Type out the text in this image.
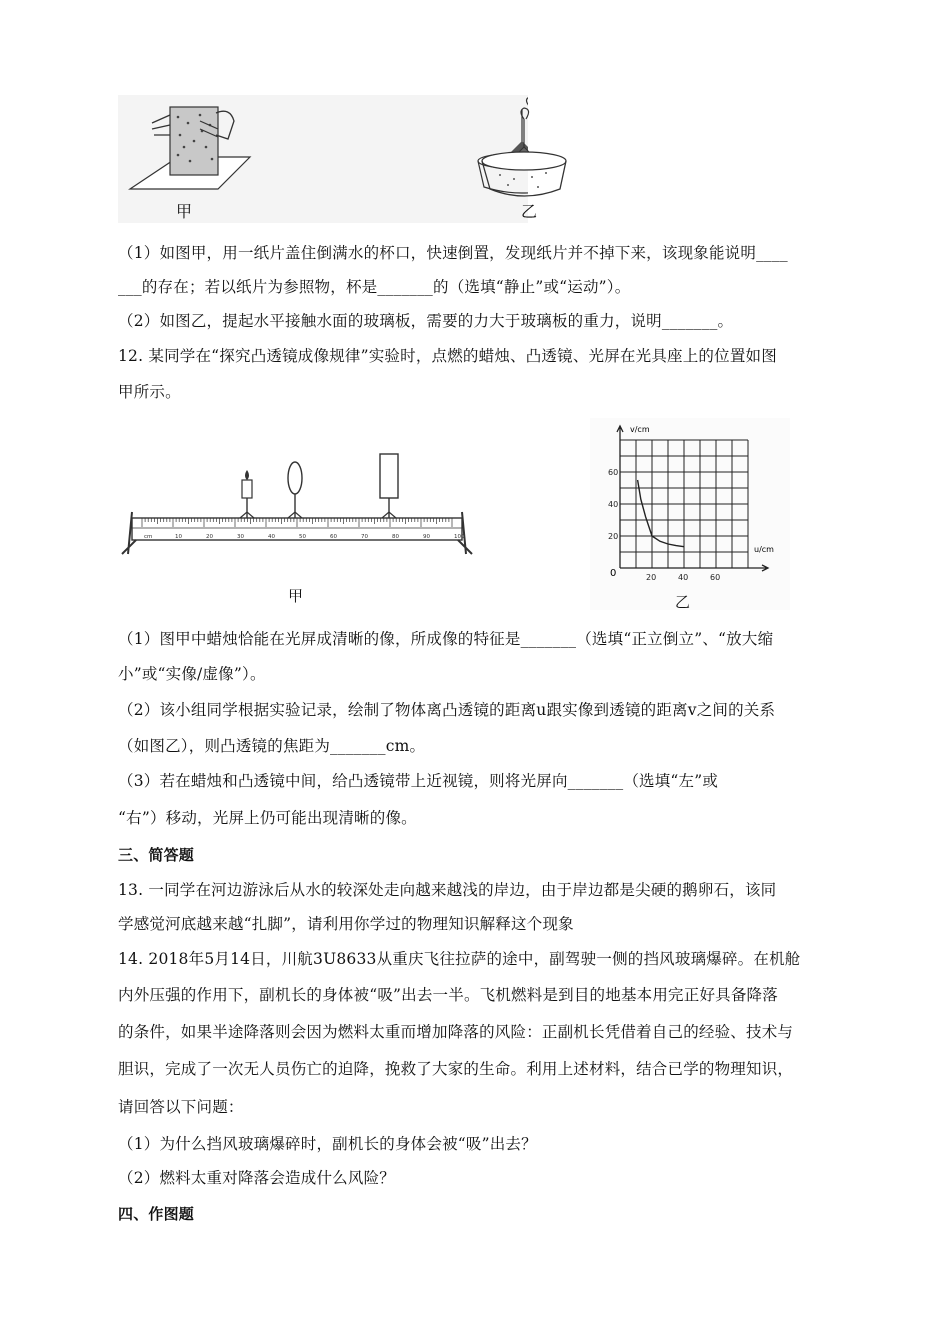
甲	乙
（1）如图甲，用一纸片盖住倒满水的杯口，快速倒置，发现纸片并不掉下来，该现象能说明____
___的存在；若以纸片为参照物，杯是_______的（选填“静止”或“运动”）。
（2）如图乙，提起水平接触水面的玻璃板，需要的力大于玻璃板的重力，说明_______。
12. 某同学在“探究凸透镜成像规律”实验时，点燃的蜡烛、凸透镜、光屏在光具座上的位置如图
甲所示。
cm	10	20	30	40	50	60	70	80	90	100
甲
20	40	60
20
40
60
v/cm
u/cm
0
乙
（1）图甲中蜡烛恰能在光屏成清晰的像，所成像的特征是_______（选填“正立倒立”、“放大缩
小”或“实像/虚像”）。
（2）该小组同学根据实验记录，绘制了物体离凸透镜的距离u跟实像到透镜的距离v之间的关系
（如图乙），则凸透镜的焦距为_______cm。
（3）若在蜡烛和凸透镜中间，给凸透镜带上近视镜，则将光屏向_______（选填“左”或
“右”）移动，光屏上仍可能出现清晰的像。
三、简答题
13. 一同学在河边游泳后从水的较深处走向越来越浅的岸边，由于岸边都是尖硬的鹅卵石，该同
学感觉河底越来越“扎脚”，请利用你学过的物理知识解释这个现象
14. 2018年5月14日，川航3U8633从重庆飞往拉萨的途中，副驾驶一侧的挡风玻璃爆碎。在机舱
内外压强的作用下，副机长的身体被“吸”出去一半。飞机燃料是到目的地基本用完正好具备降落
的条件，如果半途降落则会因为燃料太重而增加降落的风险：正副机长凭借着自己的经验、技术与
胆识，完成了一次无人员伤亡的迫降，挽救了大家的生命。利用上述材料，结合已学的物理知识，
请回答以下问题：
（1）为什么挡风玻璃爆碎时，副机长的身体会被“吸”出去？
（2）燃料太重对降落会造成什么风险？
四、作图题
